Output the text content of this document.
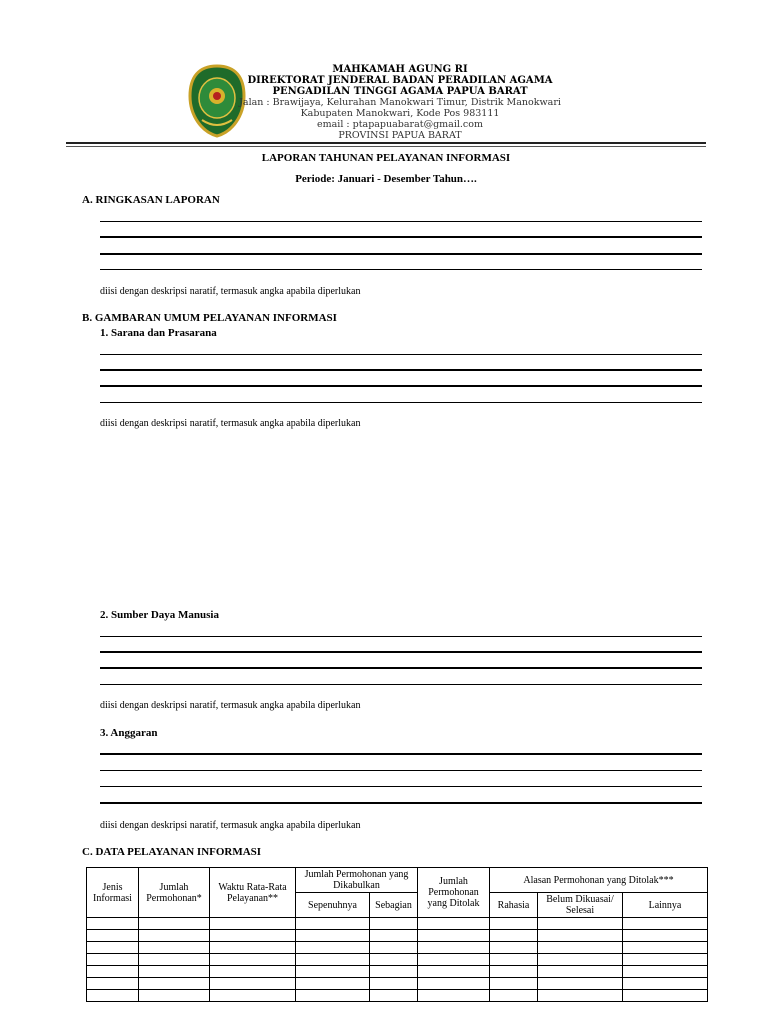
MAHKAMAH AGUNG RI
DIREKTORAT JENDERAL BADAN PERADILAN AGAMA
PENGADILAN TINGGI AGAMA PAPUA BARAT
Jalan : Brawijaya, Kelurahan Manokwari Timur, Distrik Manokwari
Kabupaten Manokwari, Kode Pos 983111
email : ptapapuabarat@gmail.com
PROVINSI PAPUA BARAT
LAPORAN TAHUNAN PELAYANAN INFORMASI
Periode: Januari - Desember Tahun….
A. RINGKASAN LAPORAN
diisi dengan deskripsi naratif, termasuk angka apabila diperlukan
B. GAMBARAN UMUM PELAYANAN INFORMASI
1. Sarana dan Prasarana
diisi dengan deskripsi naratif, termasuk angka apabila diperlukan
2. Sumber Daya Manusia
diisi dengan deskripsi naratif, termasuk angka apabila diperlukan
3. Anggaran
diisi dengan deskripsi naratif, termasuk angka apabila diperlukan
C. DATA PELAYANAN INFORMASI
Jenis Informasi	Jumlah Permohonan*	Waktu Rata-Rata Pelayanan**	Jumlah Permohonan yang Dikabulkan		Jumlah Permohonan yang Ditolak	Alasan Permohonan yang Ditolak***		
			Sepenuhnya	Sebagian		Rahasia	Belum Dikuasai/ Selesai	Lainnya
